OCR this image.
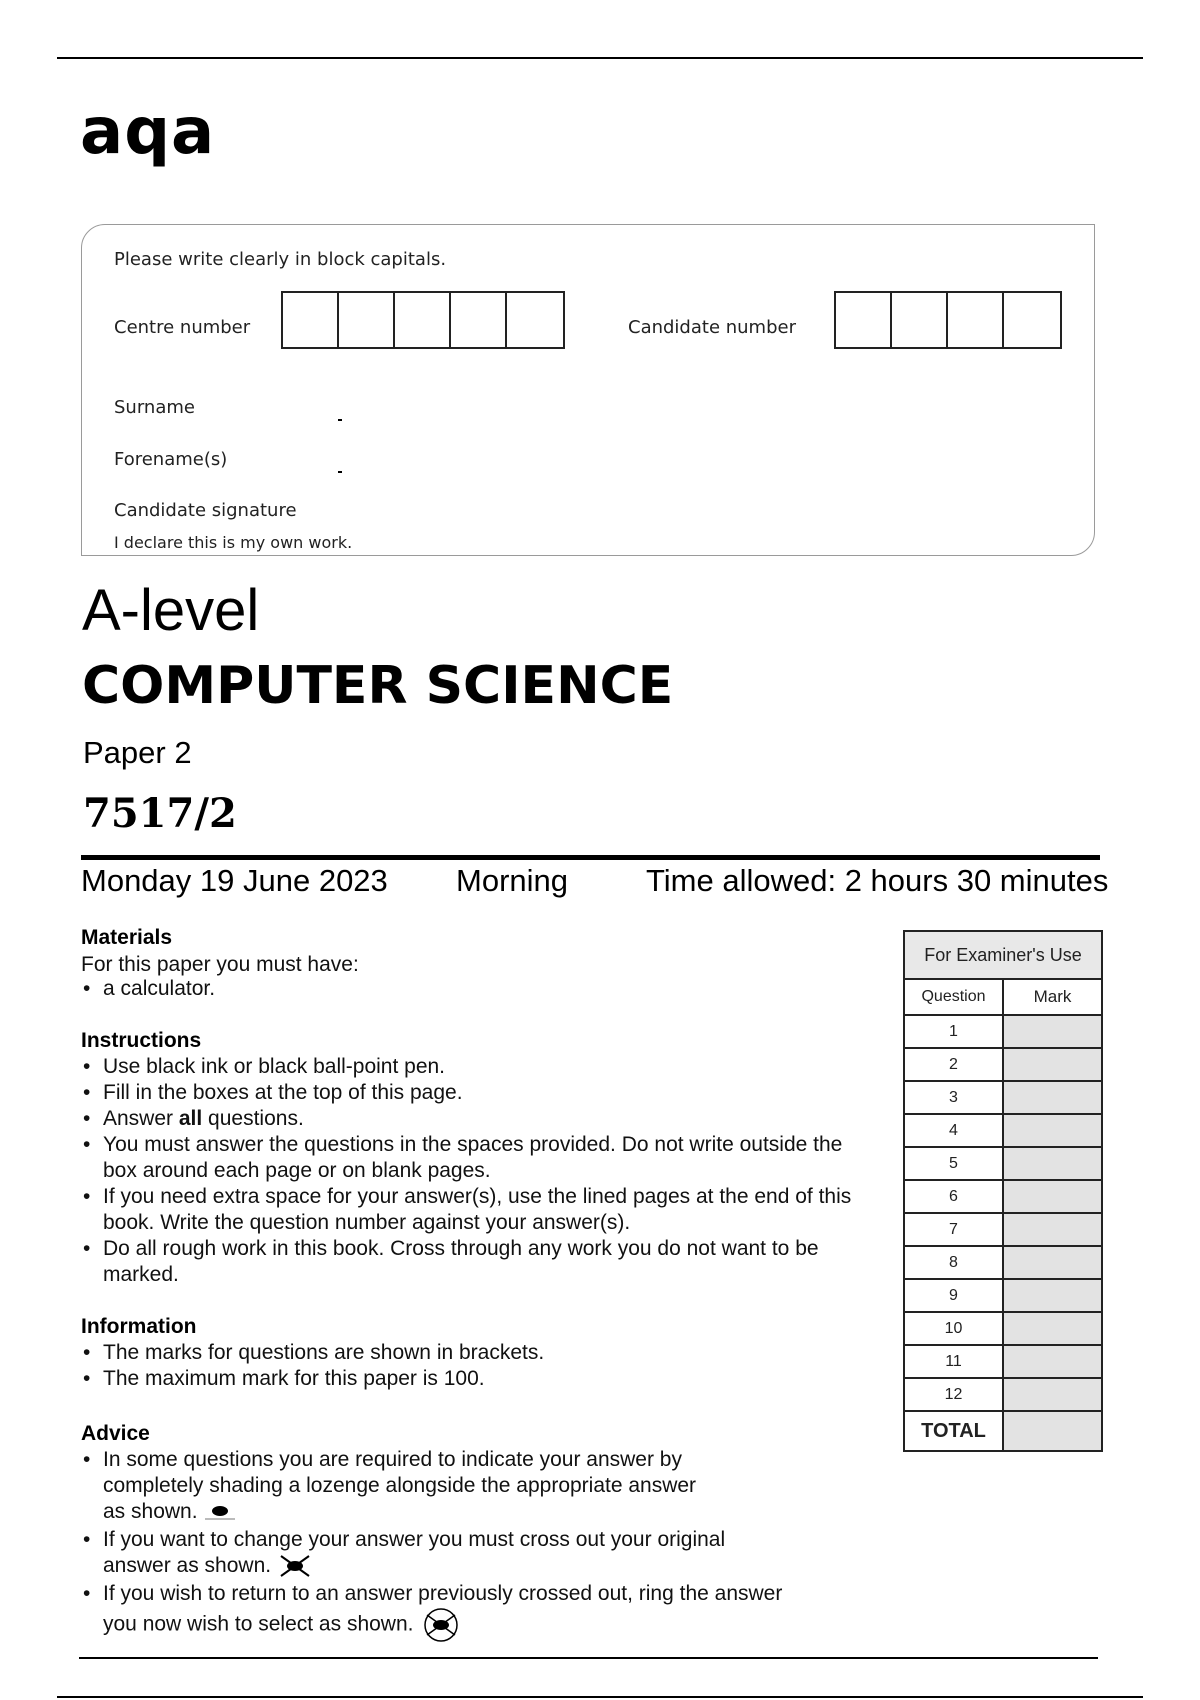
aqa
Please write clearly in block capitals.
Centre number	Candidate number
Surname
Forename(s)
Candidate signature
I declare this is my own work.
A-level
COMPUTER SCIENCE
Paper 2
7517/2
Monday 19 June 2023 Morning	Time allowed: 2 hours 30 minutes
Materials
For this paper you must have:
• a calculator.
Instructions
• Use black ink or black ball-point pen.
• Fill in the boxes at the top of this page.
• Answer all questions.
• You must answer the questions in the spaces provided. Do not write outside the box around each page or on blank pages.
• If you need extra space for your answer(s), use the lined pages at the end of this book. Write the question number against your answer(s).
• Do all rough work in this book. Cross through any work you do not want to be marked.
Information
• The marks for questions are shown in brackets.
• The maximum mark for this paper is 100.
Advice
• In some questions you are required to indicate your answer by completely shading a lozenge alongside the appropriate answer as shown.
• If you want to change your answer you must cross out your original answer as shown.
• If you wish to return to an answer previously crossed out, ring the answer you now wish to select as shown.
For Examiner's Use	
Question	Mark
1	
2	
3	
4	
5	
6	
7	
8	
9	
10	
11	
12	
TOTAL	
